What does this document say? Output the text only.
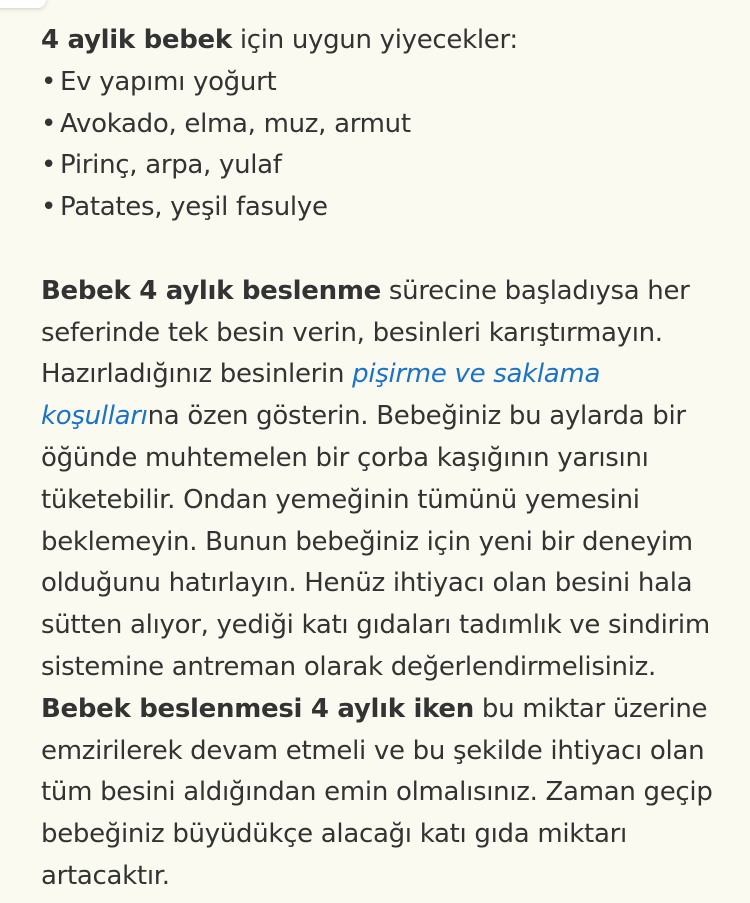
4 aylik bebek için uygun yiyecekler:

• Ev yapımı yoğurt
• Avokado, elma, muz, armut
• Pirinç, arpa, yulaf
• Patates, yeşil fasulye

Bebek 4 aylık beslenme sürecine başladıysa her seferinde tek besin verin, besinleri karıştırmayın. Hazırladığınız besinlerin pişirme ve saklama koşullarına özen gösterin. Bebeğiniz bu aylarda bir öğünde muhtemelen bir çorba kaşığının yarısını tüketebilir. Ondan yemeğinin tümünü yemesini beklemeyin. Bunun bebeğiniz için yeni bir deneyim olduğunu hatırlayın. Henüz ihtiyacı olan besini hala sütten alıyor, yediği katı gıdaları tadımlık ve sindirim sistemine antreman olarak değerlendirmelisiniz. Bebek beslenmesi 4 aylık iken bu miktar üzerine emzirilerek devam etmeli ve bu şekilde ihtiyacı olan tüm besini aldığından emin olmalısınız. Zaman geçip bebeğiniz büyüdükçe alacağı katı gıda miktarı artacaktır.
